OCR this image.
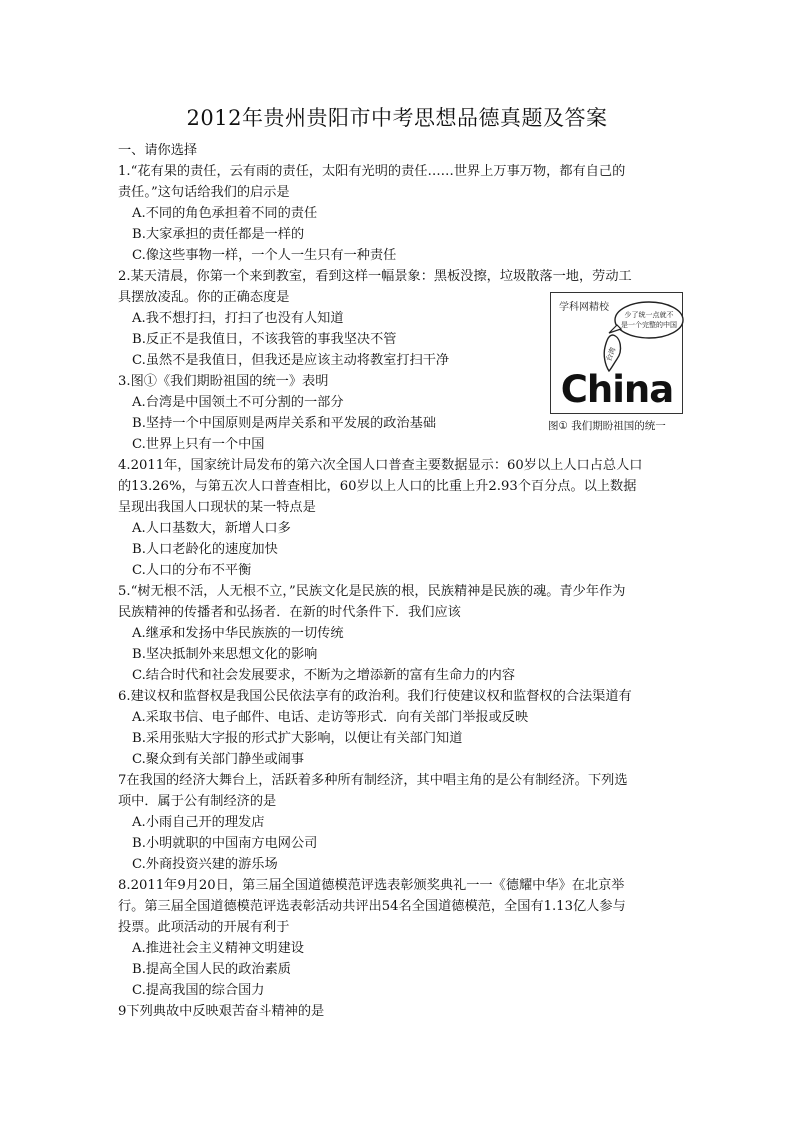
2012年贵州贵阳市中考思想品德真题及答案

一、请你选择

1.“花有果的责任，云有雨的责任，太阳有光明的责任……世界上万事万物，都有自己的

责任。”这句话给我们的启示是

A.不同的角色承担着不同的责任

B.大家承担的责任都是一样的

C.像这些事物一样，一个人一生只有一种责任

2.某天清晨，你第一个来到教室，看到这样一幅景象：黑板没擦，垃圾散落一地，劳动工

具摆放凌乱。你的正确态度是

A.我不想打扫，打扫了也没有人知道

B.反正不是我值日，不该我管的事我坚决不管

C.虽然不是我值日，但我还是应该主动将教室打扫干净

3.图①《我们期盼祖国的统一》表明

A.台湾是中国领土不可分割的一部分

B.坚持一个中国原则是两岸关系和平发展的政治基础

C.世界上只有一个中国

4.2011年，国家统计局发布的第六次全国人口普查主要数据显示：60岁以上人口占总人口

的13.26%，与第五次人口普查相比，60岁以上人口的比重上升2.93个百分点。以上数据

呈现出我国人口现状的某一特点是

A.人口基数大，新增人口多

B.人口老龄化的速度加快

C.人口的分布不平衡

5.“树无根不活，人无根不立，”民族文化是民族的根，民族精神是民族的魂。青少年作为

民族精神的传播者和弘扬者．在新的时代条件下．我们应该

A.继承和发扬中华民族族的一切传统

B.坚决抵制外来思想文化的影响

C.结合时代和社会发展要求，不断为之增添新的富有生命力的内容

6.建议权和监督权是我国公民依法享有的政治利。我们行使建议权和监督权的合法渠道有

A.采取书信、电子邮件、电话、走访等形式．向有关部门举报或反映

B.采用张贴大字报的形式扩大影响，以便让有关部门知道

C.聚众到有关部门静坐或闹事

7在我国的经济大舞台上，活跃着多种所有制经济，其中唱主角的是公有制经济。下列选

项中．属于公有制经济的是

A.小雨自己开的理发店

B.小明就职的中国南方电网公司

C.外商投资兴建的游乐场

8.2011年9月20日，第三届全国道德模范评选表彰颁奖典礼一一《德耀中华》在北京举

行。第三届全国道德模范评选表彰活动共评出54名全国道德模范，全国有1.13亿人参与

投票。此项活动的开展有利于

A.推进社会主义精神文明建设

B.提高全国人民的政治素质

C.提高我国的综合国力

9下列典故中反映艰苦奋斗精神的是

学科网精校
少了统一点就不
是一个完整的中国
台湾
China
图① 我们期盼祖国的统一
